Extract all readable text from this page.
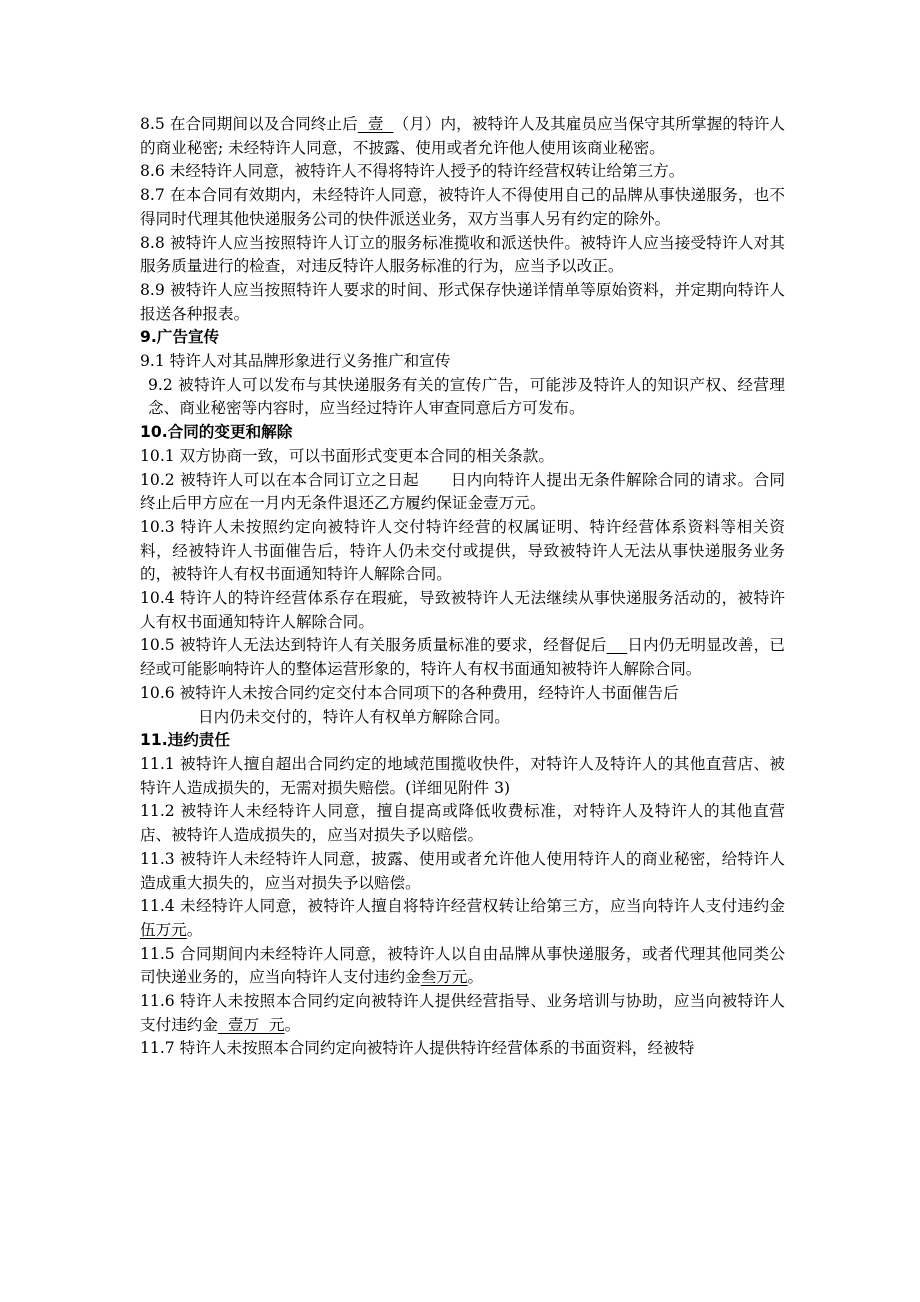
8.5 在合同期间以及合同终止后  壹  （月）内，被特许人及其雇员应当保守其所掌握的特许人的商业秘密; 未经特许人同意，不披露、使用或者允许他人使用该商业秘密。

8.6 未经特许人同意，被特许人不得将特许人授予的特许经营权转让给第三方。

8.7 在本合同有效期内，未经特许人同意，被特许人不得使用自己的品牌从事快递服务，也不得同时代理其他快递服务公司的快件派送业务，双方当事人另有约定的除外。

8.8 被特许人应当按照特许人订立的服务标准揽收和派送快件。被特许人应当接受特许人对其服务质量进行的检查，对违反特许人服务标准的行为，应当予以改正。

8.9 被特许人应当按照特许人要求的时间、形式保存快递详情单等原始资料，并定期向特许人报送各种报表。

9.广告宣传

9.1 特许人对其品牌形象进行义务推广和宣传

9.2 被特许人可以发布与其快递服务有关的宣传广告，可能涉及特许人的知识产权、经营理念、商业秘密等内容时，应当经过特许人审查同意后方可发布。

10.合同的变更和解除

10.1 双方协商一致，可以书面形式变更本合同的相关条款。

10.2 被特许人可以在本合同订立之日起      日内向特许人提出无条件解除合同的请求。合同终止后甲方应在一月内无条件退还乙方履约保证金壹万元。

10.3 特许人未按照约定向被特许人交付特许经营的权属证明、特许经营体系资料等相关资料，经被特许人书面催告后，特许人仍未交付或提供，导致被特许人无法从事快递服务业务的，被特许人有权书面通知特许人解除合同。

10.4 特许人的特许经营体系存在瑕疵，导致被特许人无法继续从事快递服务活动的，被特许人有权书面通知特许人解除合同。

10.5 被特许人无法达到特许人有关服务质量标准的要求，经督促后 日内仍无明显改善，已经或可能影响特许人的整体运营形象的，特许人有权书面通知被特许人解除合同。

10.6 被特许人未按合同约定交付本合同项下的各种费用，经特许人书面催告后
日内仍未交付的，特许人有权单方解除合同。

11.违约责任

11.1 被特许人擅自超出合同约定的地域范围揽收快件，对特许人及特许人的其他直营店、被特许人造成损失的，无需对损失赔偿。(详细见附件 3)

11.2 被特许人未经特许人同意，擅自提高或降低收费标准，对特许人及特许人的其他直营店、被特许人造成损失的，应当对损失予以赔偿。

11.3 被特许人未经特许人同意，披露、使用或者允许他人使用特许人的商业秘密，给特许人造成重大损失的，应当对损失予以赔偿。

11.4 未经特许人同意，被特许人擅自将特许经营权转让给第三方，应当向特许人支付违约金伍万元。

11.5 合同期间内未经特许人同意，被特许人以自由品牌从事快递服务，或者代理其他同类公司快递业务的，应当向特许人支付违约金叁万元。

11.6 特许人未按照本合同约定向被特许人提供经营指导、业务培训与协助，应当向被特许人支付违约金  壹万  元。

11.7 特许人未按照本合同约定向被特许人提供特许经营体系的书面资料，经被特
